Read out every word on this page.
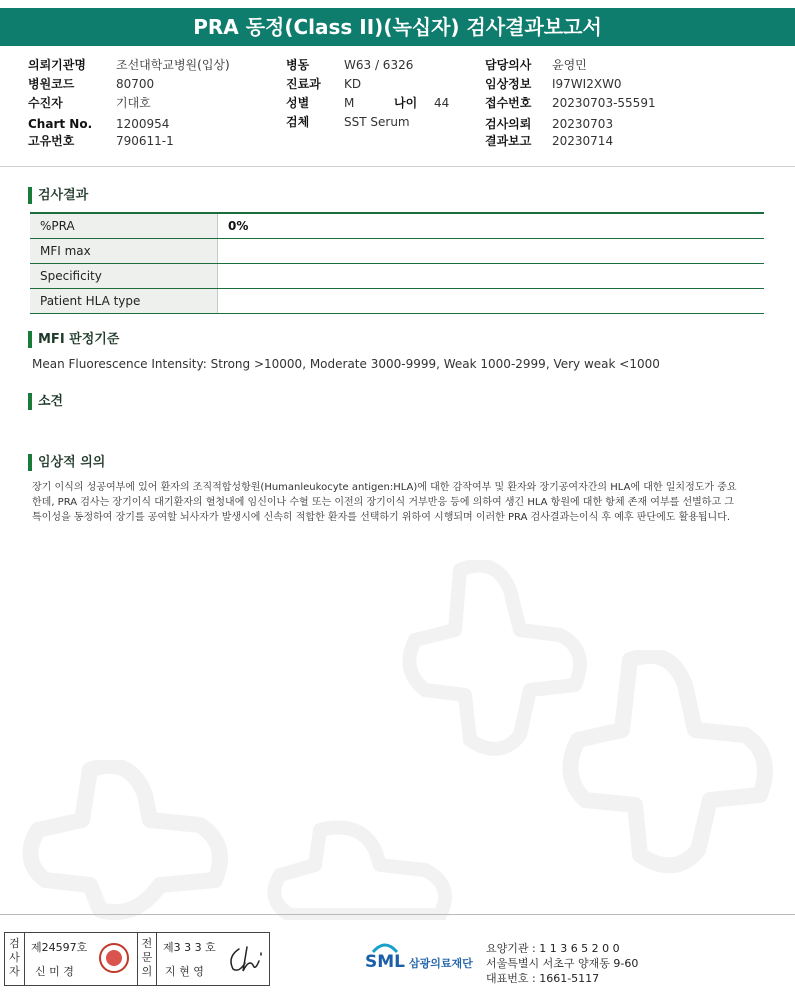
PRA 동정(Class II)(녹십자) 검사결과보고서
의뢰기관명	조선대학교병원(입상)
병원코드	80700
수진자	기대호
Chart No. 1200954
고유번호	790611-1
병동	W63 / 6326
진료과 KD
성별	M	나이 44
검체	SST Serum
담당의사 윤영민
임상정보 I97WI2XW0
접수번호 20230703-55591
검사의뢰 20230703
결과보고 20230714
검사결과
%PRA	0%
MFI max	
Specificity	
Patient HLA type	
MFI 판정기준
Mean Fluorescence Intensity: Strong >10000, Moderate 3000-9999, Weak 1000-2999, Very weak <1000
소견
임상적 의의
장기 이식의 성공여부에 있어 환자의 조직적합성항원(Humanleukocyte antigen:HLA)에 대한 감작여부 및 환자와 장기공여자간의 HLA에 대한 일치정도가 중요한데, PRA 검사는 장기이식 대기환자의 혈청내에 임신이나 수혈 또는 이전의 장기이식 거부반응 등에 의하여 생긴 HLA 항원에 대한 항체 존재 여부를 선별하고 그 특이성을 동정하여 장기를 공여할 뇌사자가 발생시에 신속히 적합한 환자를 선택하기 위하여 시행되며 이러한 PRA 검사결과는이식 후 예후 판단에도 활용됩니다.
검사자
제24597호
신 미 경
전문의
제3 3 3 호
지 현 영	SML 삼광의료재단
요양기관 : 1 1 3 6 5 2 0 0
서울특별시 서초구 양재동 9-60
대표번호 : 1661-5117
